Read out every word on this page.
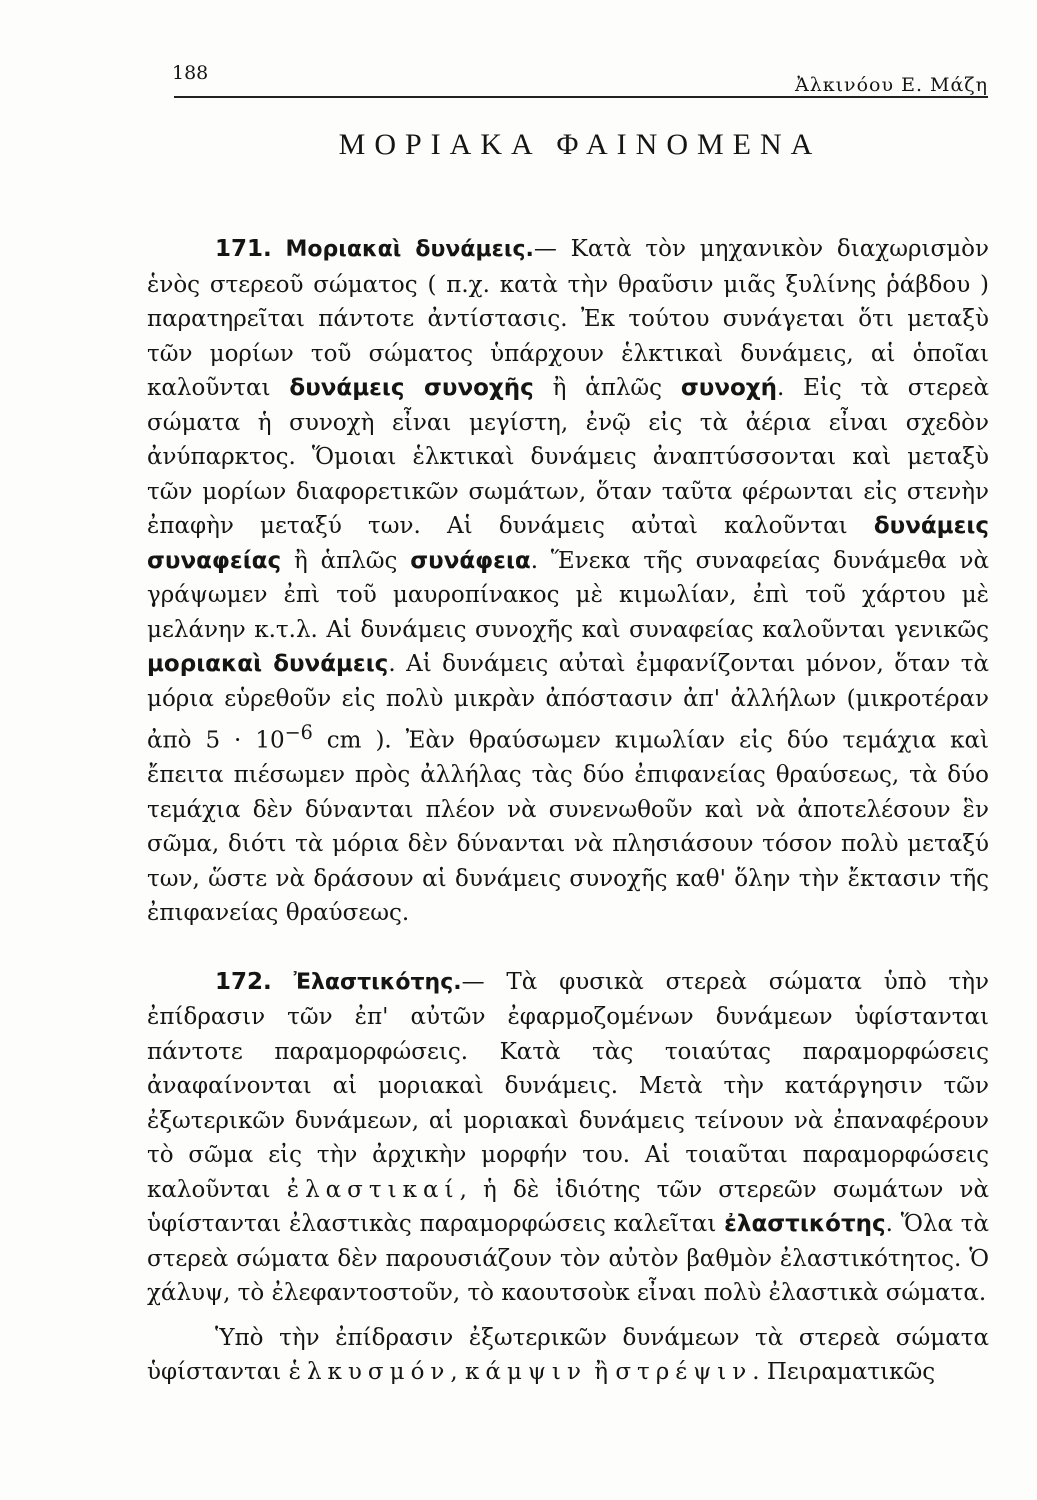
188
Ἀλκινόου Ε. Μάζη
ΜΟΡΙΑΚΑ ΦΑΙΝΟΜΕΝΑ

171. Μοριακαὶ δυνάμεις.— Κατὰ τὸν μηχανικὸν διαχωρισμὸν ἑνὸς στερεοῦ σώματος ( π.χ. κατὰ τὴν θραῦσιν μιᾶς ξυλίνης ῥάβδου ) παρατηρεῖται πάντοτε ἀντίστασις. Ἐκ τούτου συνάγεται ὅτι μεταξὺ τῶν μορίων τοῦ σώματος ὑπάρχουν ἑλκτικαὶ δυνάμεις, αἱ ὁποῖαι καλοῦνται δυνάμεις συνοχῆς ἢ ἁπλῶς συνοχή. Εἰς τὰ στερεὰ σώματα ἡ συνοχὴ εἶναι μεγίστη, ἐνῷ εἰς τὰ ἀέρια εἶναι σχεδὸν ἀνύπαρκτος. Ὅμοιαι ἑλκτικαὶ δυνάμεις ἀναπτύσσονται καὶ μεταξὺ τῶν μορίων διαφορετικῶν σωμάτων, ὅταν ταῦτα φέρωνται εἰς στενὴν ἐπαφὴν μεταξύ των. Αἱ δυνάμεις αὐταὶ καλοῦνται δυνάμεις συναφείας ἢ ἁπλῶς συνάφεια. Ἕνεκα τῆς συναφείας δυνάμεθα νὰ γράψωμεν ἐπὶ τοῦ μαυροπίνακος μὲ κιμωλίαν, ἐπὶ τοῦ χάρτου μὲ μελάνην κ.τ.λ. Αἱ δυνάμεις συνοχῆς καὶ συναφείας καλοῦνται γενικῶς μοριακαὶ δυνάμεις. Αἱ δυνάμεις αὐταὶ ἐμφανίζονται μόνον, ὅταν τὰ μόρια εὑρεθοῦν εἰς πολὺ μικρὰν ἀπόστασιν ἀπ' ἀλλήλων (μικροτέραν ἀπὸ $5 \cdot 10^{-6}$ cm ). Ἐὰν θραύσωμεν κιμωλίαν εἰς δύο τεμάχια καὶ ἔπειτα πιέσωμεν πρὸς ἀλλήλας τὰς δύο ἐπιφανείας θραύσεως, τὰ δύο τεμάχια δὲν δύνανται πλέον νὰ συνενωθοῦν καὶ νὰ ἀποτελέσουν ἓν σῶμα, διότι τὰ μόρια δὲν δύνανται νὰ πλησιάσουν τόσον πολὺ μεταξύ των, ὥστε νὰ δράσουν αἱ δυνάμεις συνοχῆς καθ' ὅλην τὴν ἔκτασιν τῆς ἐπιφανείας θραύσεως.

172. Ἐλαστικότης.— Τὰ φυσικὰ στερεὰ σώματα ὑπὸ τὴν ἐπίδρασιν τῶν ἐπ' αὐτῶν ἐφαρμοζομένων δυνάμεων ὑφίστανται πάντοτε παραμορφώσεις. Κατὰ τὰς τοιαύτας παραμορφώσεις ἀναφαίνονται αἱ μοριακαὶ δυνάμεις. Μετὰ τὴν κατάργησιν τῶν ἐξωτερικῶν δυνάμεων, αἱ μοριακαὶ δυνάμεις τείνουν νὰ ἐπαναφέρουν τὸ σῶμα εἰς τὴν ἀρχικὴν μορφήν του. Αἱ τοιαῦται παραμορφώσεις καλοῦνται ἐλαστικαί, ἡ δὲ ἰδιότης τῶν στερεῶν σωμάτων νὰ ὑφίστανται ἐλαστικὰς παραμορφώσεις καλεῖται ἐλαστικότης. Ὅλα τὰ στερεὰ σώματα δὲν παρουσιάζουν τὸν αὐτὸν βαθμὸν ἐλαστικότητος. Ὁ χάλυψ, τὸ ἐλεφαντοστοῦν, τὸ καουτσοὺκ εἶναι πολὺ ἐλαστικὰ σώματα.

Ὑπὸ τὴν ἐπίδρασιν ἐξωτερικῶν δυνάμεων τὰ στερεὰ σώματα ὑφίστανται ἑλκυσμόν, κάμψιν ἢ στρέψιν. Πειραματικῶς
